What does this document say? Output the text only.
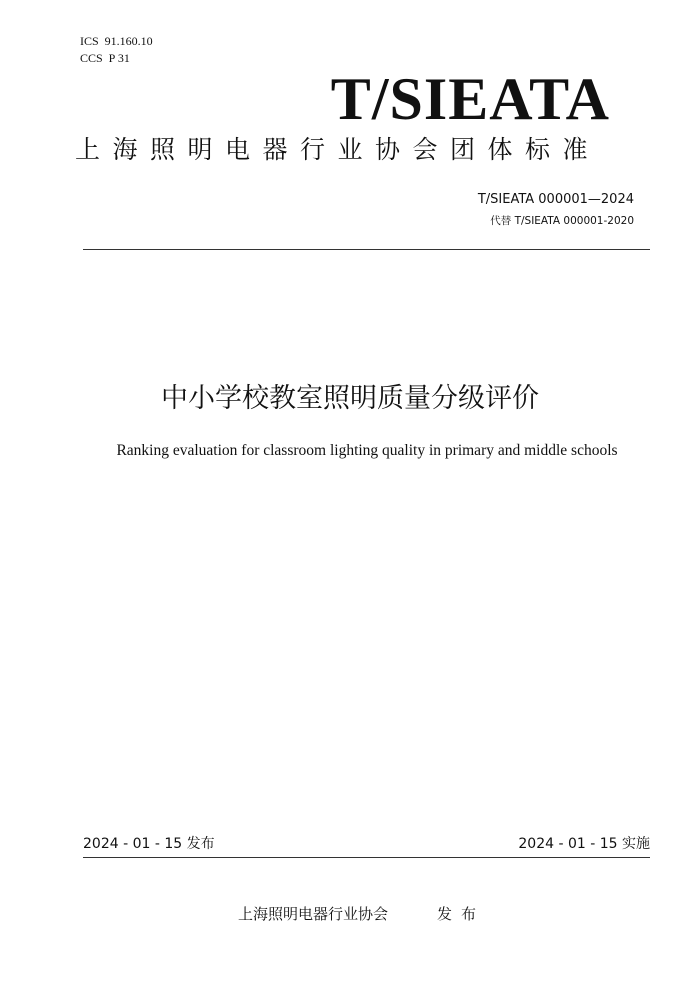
ICS  91.160.10
CCS  P 31
T/SIEATA
上海照明电器行业协会团体标准
T/SIEATA 000001—2024
代替 T/SIEATA 000001-2020
中小学校教室照明质量分级评价
Ranking evaluation for classroom lighting quality in primary and middle schools
2024 - 01 - 15 发布	2024 - 01 - 15 实施
上海照明电器行业协会	发布
